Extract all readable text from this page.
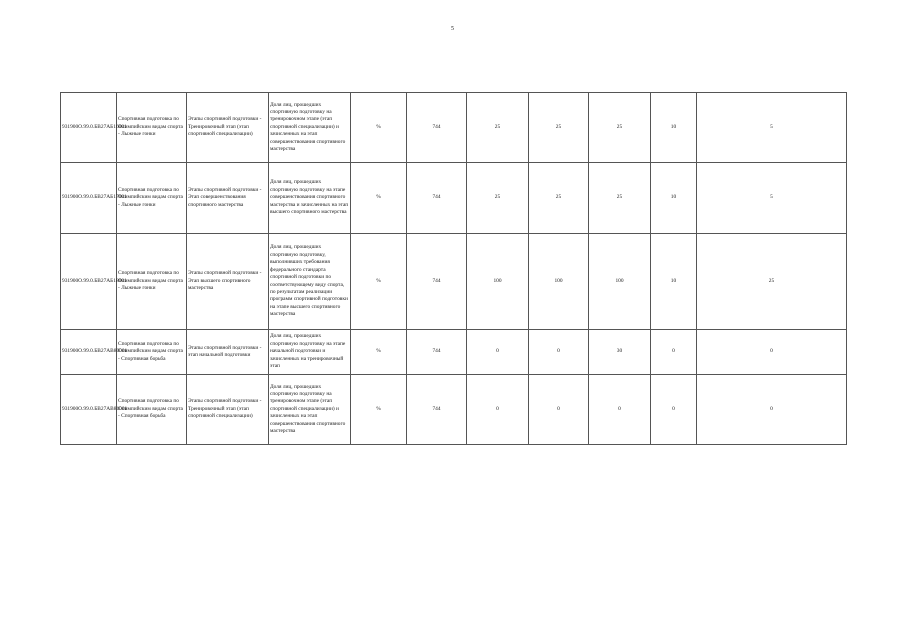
5
931900О.99.0.БВ27АБ16001	Спортивная подготовка по Олимпийским видам спорта - Лыжные гонки	Этапы спортивной подготовки - Тренировочный этап (этап спортивной специализации)	Доля лиц, прошедших спортивную подготовку на тренировочном этапе (этап спортивной специализации) и зачисленных на этап совершенствования спортивного мастерства	%	744	25	25	25	10	5
931900О.99.0.БВ27АБ17001	Спортивная подготовка по Олимпийским видам спорта - Лыжные гонки	Этапы спортивной подготовки - Этап совершенствования спортивного мастерства	Доля лиц, прошедших спортивную подготовку на этапе совершенствования спортивного мастерства и зачисленных на этап высшего спортивного мастерства	%	744	25	25	25	10	5
931900О.99.0.БВ27АБ18001	Спортивная подготовка по Олимпийским видам спорта - Лыжные гонки	Этапы спортивной подготовки - Этап высшего спортивного мастерства	Доля лиц, прошедших спортивную подготовку, выполнивших требования федерального стандарта спортивной подготовки по соответствующему виду спорта, по результатам реализации программ спортивной подготовки на этапе высшего спортивного мастерства	%	744	100	100	100	10	25
931900О.99.0.БВ27АВ80001	Спортивная подготовка по Олимпийским видам спорта - Спортивная борьба	Этапы спортивной подготовки - этап начальной подготовки	Доля лиц, прошедших спортивную подготовку на этапе начальной подготовки и зачисленных на тренировочный этап	%	744	0	0	30	0	0
931900О.99.0.БВ27АВ81001	Спортивная подготовка по Олимпийским видам спорта - Спортивная борьба	Этапы спортивной подготовки - Тренировочный этап (этап спортивной специализации)	Доля лиц, прошедших спортивную подготовку на тренировочном этапе (этап спортивной специализации) и зачисленных на этап совершенствования спортивного мастерства	%	744	0	0	0	0	0
